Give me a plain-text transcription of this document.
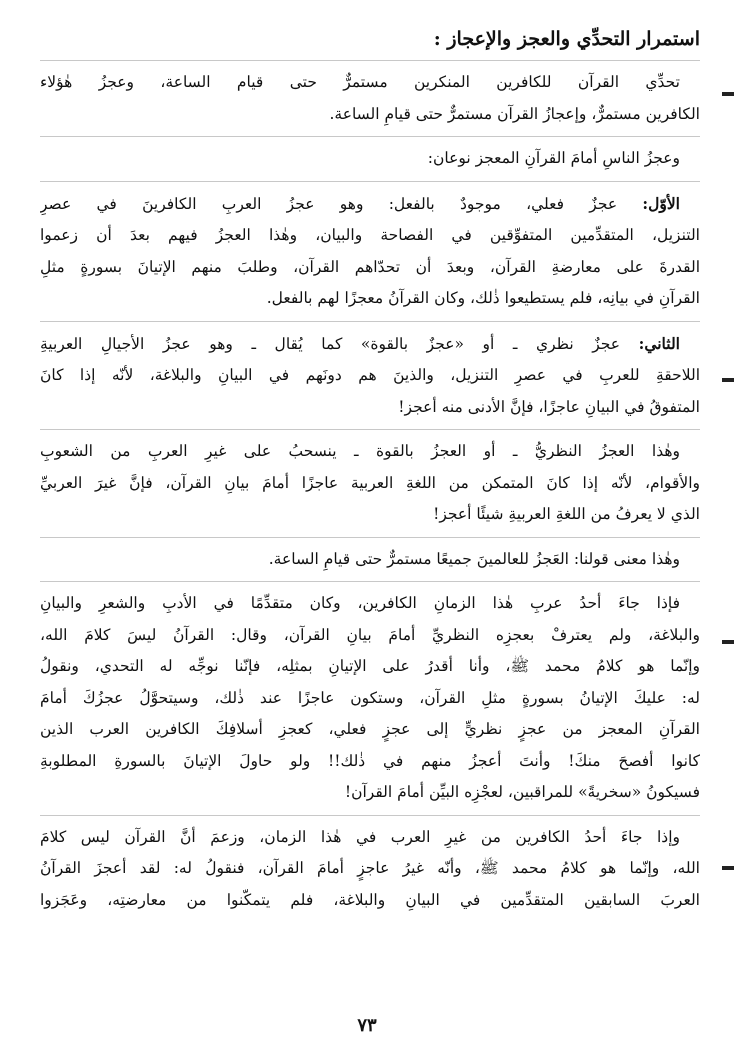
استمرار التحدِّي والعجز والإعجاز :

تحدِّي القرآن للكافرين المنكرين مستمرٌّ حتى قيام الساعة، وعجزُ هٰؤلاء
الكافرين مستمرٌّ، وإعجازُ القرآن مستمرٌّ حتى قيامِ الساعة.

وعجزُ الناسِ أمامَ القرآنِ المعجز نوعان:

الأوّل: عجزٌ فعلي، موجودٌ بالفعل: وهو عجزُ العربِ الكافرينَ في عصرِ
التنزيل، المتقدِّمين المتفوِّقين في الفصاحة والبيان، وهٰذا العجزُ فيهم بعدَ أن زعموا
القدرةَ على معارضةِ القرآن، وبعدَ أن تحدّاهم القرآن، وطلبَ منهم الإتيانَ بسورةٍ مثلِ
القرآنِ في بيانِه، فلم يستطيعوا ذٰلك، وكان القرآنُ معجزًا لهم بالفعل.

الثاني: عجزٌ نظري ـ أو «عجزٌ بالقوة» كما يُقال ـ وهو عجزُ الأجيالِ العربيةِ
اللاحقةِ للعربِ في عصرِ التنزيل، والذينَ هم دونَهم في البيانِ والبلاغة، لأنّه إذا كانَ
المتفوقُ في البيانِ عاجزًا، فإنَّ الأدنى منه أعجز!

وهٰذا العجزُ النظريُّ ـ أو العجزُ بالقوة ـ ينسحبُ على غيرِ العربِ من الشعوبِ
والأقوام، لأنّه إذا كانَ المتمكن من اللغةِ العربية عاجزًا أمامَ بيانِ القرآن، فإنَّ غيرَ العربيِّ
الذي لا يعرفُ من اللغةِ العربيةِ شيئًا أعجز!

وهٰذا معنى قولنا: العَجزُ للعالمينَ جميعًا مستمرٌّ حتى قيامِ الساعة.

فإذا جاءَ أحدُ عربِ هٰذا الزمانِ الكافرين، وكان متقدِّمًا في الأدبِ والشعرِ والبيانِ
والبلاغة، ولم يعترفْ بعجزِه النظريِّ أمامَ بيانِ القرآن، وقال: القرآنُ ليسَ كلامَ الله،
وإنّما هو كلامُ محمد ﷺ، وأنا أقدرُ على الإتيانِ بمثلِه، فإنّنا نوجِّه له التحدي، ونقولُ
له: عليكَ الإتيانُ بسورةٍ مثلِ القرآن، وستكون عاجزًا عند ذٰلك، وسيتحوَّلُ عجزُكَ أمامَ
القرآنِ المعجز من عجزٍ نظريٍّ إلى عجزٍ فعلي، كعجزِ أسلافِكَ الكافرين العرب الذين
كانوا أفصحَ منكَ! وأنتَ أعجزُ منهم في ذٰلك!! ولو حاولَ الإتيانَ بالسورةِ المطلوبةِ
فسيكونُ «سخريةً» للمراقبين، لعجْزِه البيِّن أمامَ القرآن!

وإذا جاءَ أحدُ الكافرين من غيرِ العرب في هٰذا الزمان، وزعمَ أنَّ القرآن ليس كلامَ
الله، وإنّما هو كلامُ محمد ﷺ، وأنّه غيرُ عاجزٍ أمامَ القرآن، فنقولُ له: لقد أعجزَ القرآنُ
العربَ السابقين المتقدِّمين في البيانِ والبلاغة، فلم يتمكّنوا من معارضتِه، وعَجَزوا

٧٣
